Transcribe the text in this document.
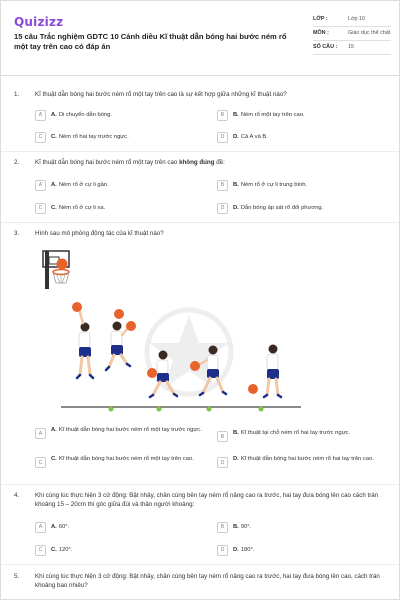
Quizizz
15 câu Trắc nghiệm GDTC 10 Cánh diều Kĩ thuật dẫn bóng hai bước ném rổ một tay trên cao có đáp án
LỚP :	Lớp 10
MÔN :	Giáo dục thể chất
SỐ CÂU :	15
1.	Kĩ thuật dẫn bóng hai bước ném rổ một tay trên cao là sự kết hợp giữa những kĩ thuật nào?
A	A. Di chuyển dẫn bóng.	B	B. Ném rổ một tay trên cao.
C	C. Ném rổ hai tay trước ngực.	D	D. Cả A và B.
2.	Kĩ thuật dẫn bóng hai bước ném rổ một tay trên cao không đúng đề:
A	A. Ném rổ ở cự li gần.	B	B. Ném rổ ở cự li trung bình.
C	C. Ném rổ ở cự li xa.	D	D. Dẫn bóng áp sát rổ đối phương.
3.	Hình sau mô phỏng động tác của kĩ thuật nào?
A
A. Kĩ thuật dẫn bóng hai bước ném rổ một tay trước ngực.
B
B. Kĩ thuật tại chỗ ném rổ hai tay trước ngực.
C
C. Kĩ thuật dẫn bóng hai bước ném rổ một tay trên cao.
D
D. Kĩ thuật dẫn bóng hai bước ném rổ hai tay trên cao.
4.	Khi cùng lúc thực hiện 3 cử động: Bật nhảy, chân cùng bên tay ném rổ nâng cao ra trước, hai tay đưa bóng lên cao cách trán khoảng 15 – 20cm thì góc giữa đùi và thân người khoảng:
A	A. 60°.	B	B. 90°.
C	C. 120°.	D	D. 180°.
5.	Khi cùng lúc thực hiện 3 cử động: Bật nhảy, chân cùng bên tay ném rổ nâng cao ra trước, hai tay đưa bóng lên cao, cách trán khoảng bao nhiêu?
